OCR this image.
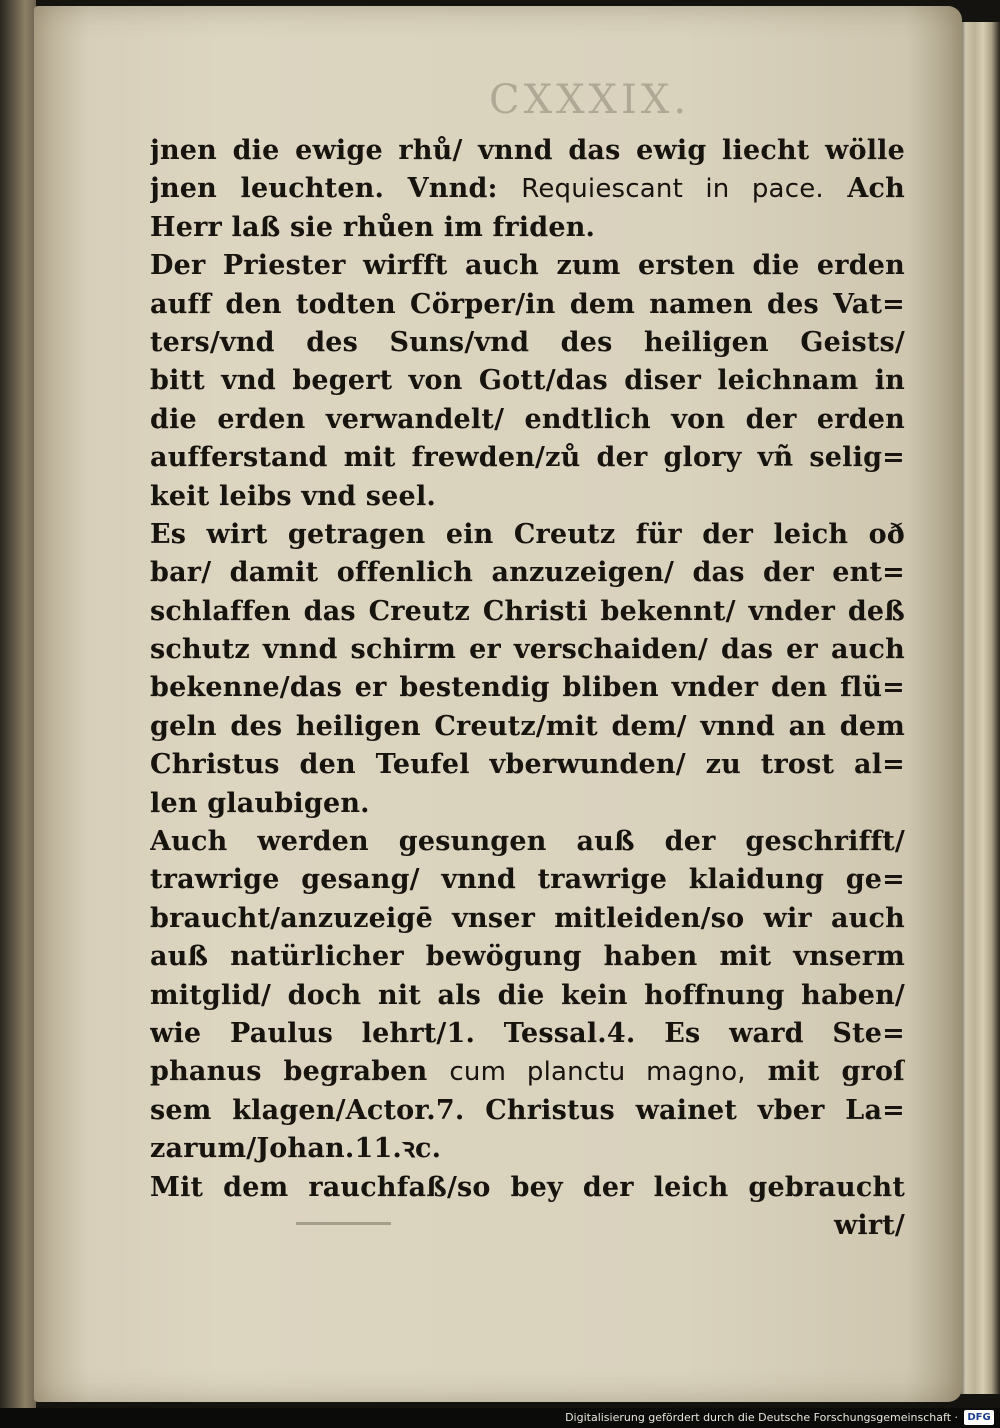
CXXXIX.
jnen die ewige rhů/ vnnd das ewig liecht wölle
jnen leuchten. Vnnd: Requiescant in pace. Ach
Herr laß sie rhůen im friden.
Der Priester wirfft auch zum ersten die erden
auff den todten Cörper/in dem namen des Vat=
ters/vnd des Suns/vnd des heiligen Geists/
bitt vnd begert von Gott/das diser leichnam in
die erden verwandelt/ endtlich von der erden
aufferstand mit frewden/zů der glory vñ selig=
keit leibs vnd seel.
Es wirt getragen ein Creutz für der leich oð
bar/ damit offenlich anzuzeigen/ das der ent=
schlaffen das Creutz Christi bekennt/ vnder deß
schutz vnnd schirm er verschaiden/ das er auch
bekenne/das er bestendig bliben vnder den flü=
geln des heiligen Creutz/mit dem/ vnnd an dem
Christus den Teufel vberwunden/ zu trost al=
len glaubigen.
Auch werden gesungen auß der geschrifft/
trawrige gesang/ vnnd trawrige klaidung ge=
braucht/anzuzeigē vnser mitleiden/so wir auch
auß natürlicher bewögung haben mit vnserm
mitglid/ doch nit als die kein hoffnung haben/
wie Paulus lehrt/1. Tessal.4. Es ward Ste=
phanus begraben cum planctu magno, mit groſ
sem klagen/Actor.7. Christus wainet vber La=
zarum/Johan.11.ꝛc.
Mit dem rauchfaß/so bey der leich gebraucht
wirt/
Digitalisierung gefördert durch die Deutsche Forschungsgemeinschaft · DFG
